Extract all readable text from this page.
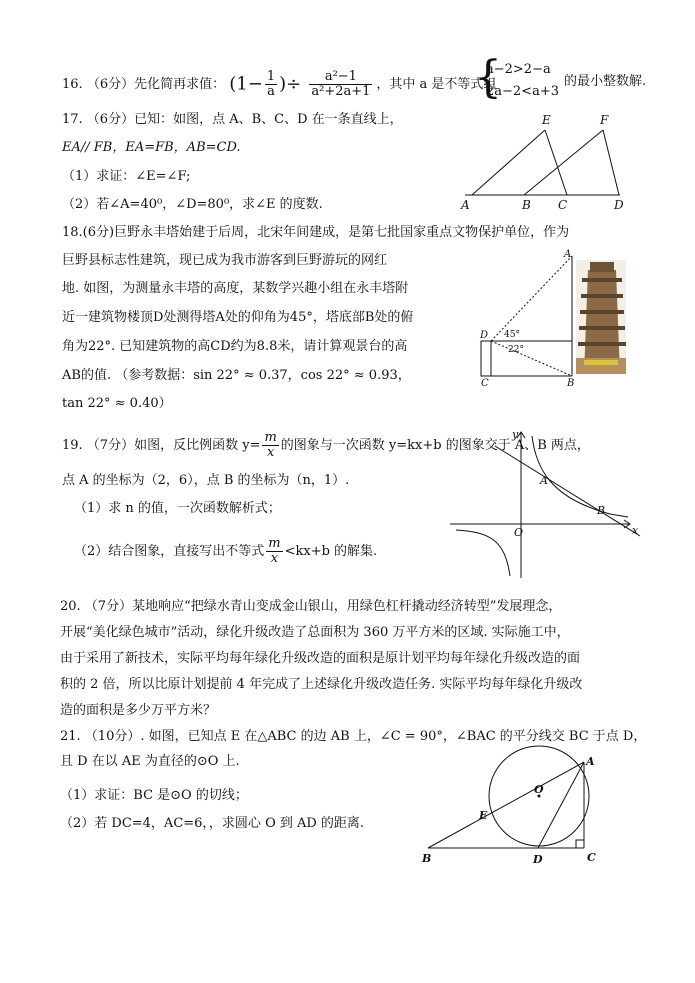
16. （6分）先化简再求值： ($1- \frac{1}{a}$ )÷ $\frac{\text{a²−1}}{\text{a²+2a+1}}$ ，其中 a 是不等式组
{
a−2>2−a
2a−2<a+3
的最小整数解.
17. （6分）已知：如图，点 A、B、C、D 在一条直线上，
EA// FB，EA=FB，AB=CD.
（1）求证：∠E=∠F;
（2）若∠A=40⁰，∠D=80⁰，求∠E 的度数.	A	B C	D
E	F
18.(6分)巨野永丰塔始建于后周，北宋年间建成，是第七批国家重点文物保护单位，作为
巨野县标志性建筑，现已成为我市游客到巨野游玩的网红
地. 如图，为测量永丰塔的高度，某数学兴趣小组在永丰塔附
近一建筑物楼顶D处测得塔A处的仰角为45°，塔底部B处的俯
角为22°. 已知建筑物的高CD约为8.8米，请计算观景台的高
AB的值. （参考数据：sin 22° ≈ 0.37，cos 22° ≈ 0.93，
tan 22° ≈ 0.40）
A
B
C
D 45°
22°
19. （7分）如图，反比例函数 $y= \frac{m}{x}$ 的图象与一次函数 y=kx+b 的图象交于 A、B 两点，
点 A 的坐标为（2，6），点 B 的坐标为（n，1）.
（1）求 n 的值，一次函数解析式；
（2）结合图象，直接写出不等式 $\frac{m}{x} <kx+b$ 的解集.
y
x
O
A
B
20. （7分）某地响应“把绿水青山变成金山银山，用绿色杠杆撬动经济转型”发展理念，
开展“美化绿色城市”活动，绿化升级改造了总面积为 360 万平方米的区域. 实际施工中，
由于采用了新技术，实际平均每年绿化升级改造的面积是原计划平均每年绿化升级改造的面
积的 2 倍，所以比原计划提前 4 年完成了上述绿化升级改造任务. 实际平均每年绿化升级改
造的面积是多少万平方米？
21. （10分）. 如图，已知点 E 在△ABC 的边 AB 上，∠C = 90°，∠BAC 的平分线交 BC 于点 D，
且 D 在以 AE 为直径的⊙O 上.
（1）求证：BC 是⊙O 的切线；
（2）若 DC=4，AC=6，，求圆心 O 到 AD 的距离.
A
B	C
D
E
O
